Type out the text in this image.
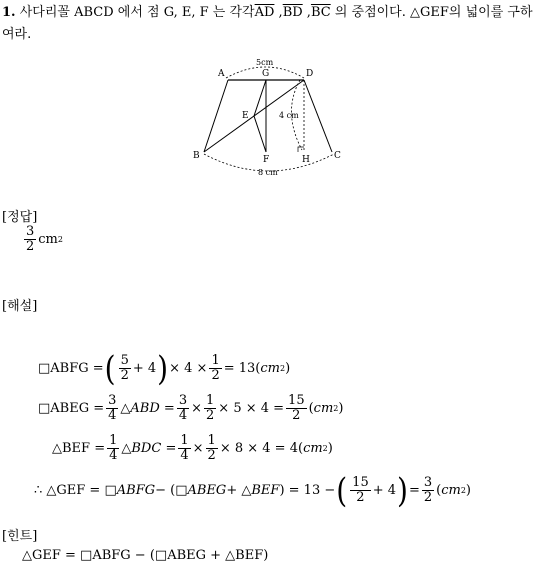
1. 사다리꼴 ABCD 에서 점 G, E, F 는 각각$\overline{AD}$ $,\overline{BD}$ $,\overline{BC}$ 의 중점이다. △GEF의 넓이를 구하여라.
A	G	D
E
B	F	H	C
5cm
4 cm
8 cm
[정답]
$\frac{3}{2}$ cm 2
[해설]
□ABFG = ( $\frac{5}{2} + 4$ ) × $4 \times \frac{1}{2} = 13$( cm 2 )
□ABEG = $\frac{3}{4}$ △ ABD
= $\frac{3}{4} \times \frac{1}{2} \times 5 \times 4 = \frac{15}{2}$ ( cm 2 )
△BEF = $\frac{1}{4}$ △ BDC
= $\frac{1}{4} \times \frac{1}{2} \times 8 \times 4 = 4$( cm 2 )
∴ △GEF = □ ABFG − (□ ABEG + △ BEF ) = 13 − ( $\frac{15}{2} + 4$ ) = $\frac{3}{2}$ ( cm 2 )
[힌트]
△GEF = □ABFG − (□ABEG + △BEF)
